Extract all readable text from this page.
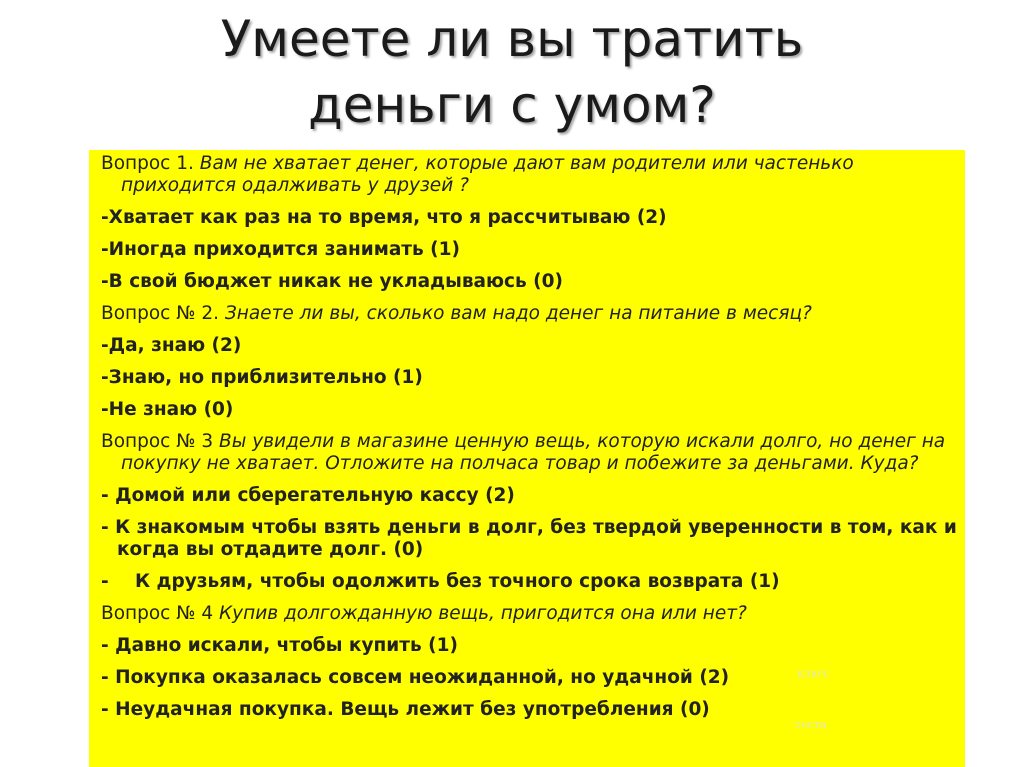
Умеете ли вы тратить
деньги с умом?
Вопрос 1. Вам не хватает денег, которые дают вам родители или частенько приходится одалживать у друзей ?
-Хватает как раз на то время, что я рассчитываю (2)
-Иногда приходится занимать (1)
-В свой бюджет никак не укладываюсь (0)
Вопрос № 2. Знаете ли вы, сколько вам надо денег на питание в месяц?
-Да, знаю (2)
-Знаю, но приблизительно (1)
-Не знаю (0)
Вопрос № 3 Вы увидели в магазине ценную вещь, которую искали долго, но денег на покупку не хватает. Отложите на полчаса товар и побежите за деньгами. Куда?
- Домой или сберегательную кассу (2)
- К знакомым чтобы взять деньги в долг, без твердой уверенности в том, как и когда вы отдадите долг. (0)
- К друзьям, чтобы одолжить без точного срока возврата (1)
Вопрос № 4 Купив долгожданную вещь, пригодится она или нет?
- Давно искали, чтобы купить (1)
- Покупка оказалась совсем неожиданной, но удачной (2)
- Неудачная покупка. Вещь лежит без употребления (0)
ключ
теста
